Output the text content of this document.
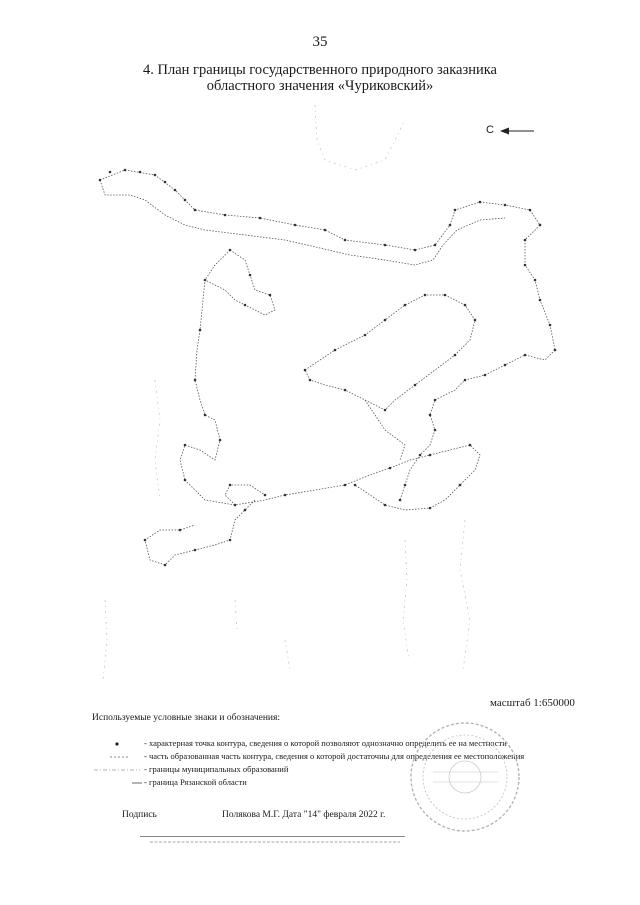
35
4. План границы государственного природного заказника
областного значения «Чуриковский»
С
масштаб 1:650000
Используемые условные знаки и обозначения:
- характерная точка контура, сведения о которой позволяют однозначно определить ее на местности
- часть образованная часть контура, сведения о которой достаточны для определения ее местоположения
- границы муниципальных образований
- граница Рязанской области
Подпись	Полякова М.Г. Дата "14" февраля 2022 г.
